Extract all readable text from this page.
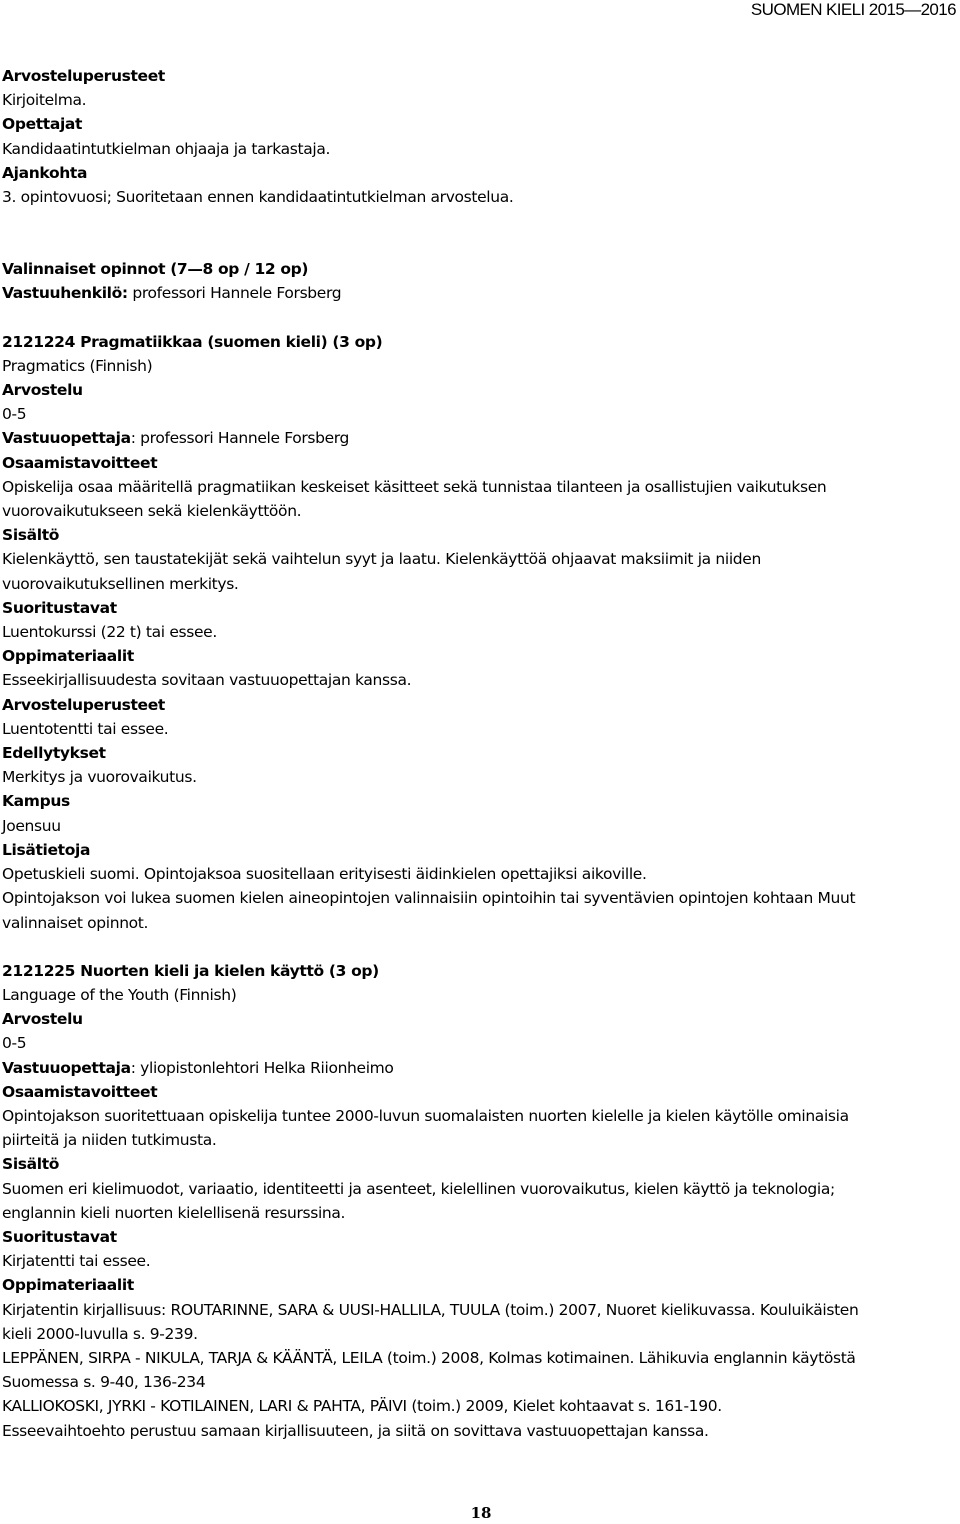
SUOMEN KIELI 2015—2016

Arvosteluperusteet

Kirjoitelma.

Opettajat

Kandidaatintutkielman ohjaaja ja tarkastaja.

Ajankohta

3. opintovuosi; Suoritetaan ennen kandidaatintutkielman arvostelua.

Valinnaiset opinnot (7—8 op / 12 op)

Vastuuhenkilö: professori Hannele Forsberg

2121224 Pragmatiikkaa (suomen kieli) (3 op)

Pragmatics (Finnish)

Arvostelu

0-5

Vastuuopettaja: professori Hannele Forsberg

Osaamistavoitteet

Opiskelija osaa määritellä pragmatiikan keskeiset käsitteet sekä tunnistaa tilanteen ja osallistujien vaikutuksen

vuorovaikutukseen sekä kielenkäyttöön.

Sisältö

Kielenkäyttö, sen taustatekijät sekä vaihtelun syyt ja laatu. Kielenkäyttöä ohjaavat maksiimit ja niiden

vuorovaikutuksellinen merkitys.

Suoritustavat

Luentokurssi (22 t) tai essee.

Oppimateriaalit

Esseekirjallisuudesta sovitaan vastuuopettajan kanssa.

Arvosteluperusteet

Luentotentti tai essee.

Edellytykset

Merkitys ja vuorovaikutus.

Kampus

Joensuu

Lisätietoja

Opetuskieli suomi. Opintojaksoa suositellaan erityisesti äidinkielen opettajiksi aikoville.

Opintojakson voi lukea suomen kielen aineopintojen valinnaisiin opintoihin tai syventävien opintojen kohtaan Muut

valinnaiset opinnot.

2121225 Nuorten kieli ja kielen käyttö (3 op)

Language of the Youth (Finnish)

Arvostelu

0-5

Vastuuopettaja: yliopistonlehtori Helka Riionheimo

Osaamistavoitteet

Opintojakson suoritettuaan opiskelija tuntee 2000-luvun suomalaisten nuorten kielelle ja kielen käytölle ominaisia

piirteitä ja niiden tutkimusta.

Sisältö

Suomen eri kielimuodot, variaatio, identiteetti ja asenteet, kielellinen vuorovaikutus, kielen käyttö ja teknologia;

englannin kieli nuorten kielellisenä resurssina.

Suoritustavat

Kirjatentti tai essee.

Oppimateriaalit

Kirjatentin kirjallisuus: ROUTARINNE, SARA & UUSI-HALLILA, TUULA (toim.) 2007, Nuoret kielikuvassa. Kouluikäisten

kieli 2000-luvulla s. 9-239.

LEPPÄNEN, SIRPA - NIKULA, TARJA & KÄÄNTÄ, LEILA (toim.) 2008, Kolmas kotimainen. Lähikuvia englannin käytöstä

Suomessa s. 9-40, 136-234

KALLIOKOSKI, JYRKI - KOTILAINEN, LARI & PAHTA, PÄIVI (toim.) 2009, Kielet kohtaavat s. 161-190.

Esseevaihtoehto perustuu samaan kirjallisuuteen, ja siitä on sovittava vastuuopettajan kanssa.

18
